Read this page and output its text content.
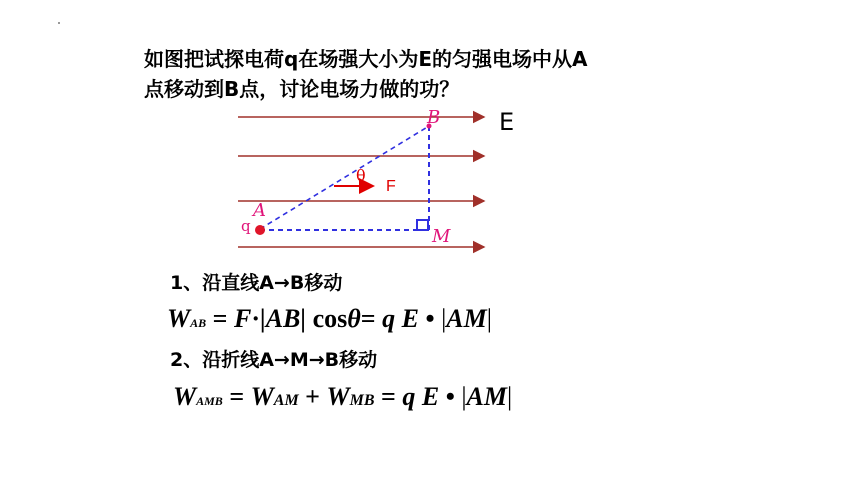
如图把试探电荷q在场强大小为E的匀强电场中从A
点移动到B点，讨论电场力做的功？
E
B
A
M
q
θ
F
1、沿直线A→B移动
WAB = F·|AB| cosθ= q E • |AM|
2、沿折线A→M→B移动
WAMB = WAM + WMB = q E • |AM|
